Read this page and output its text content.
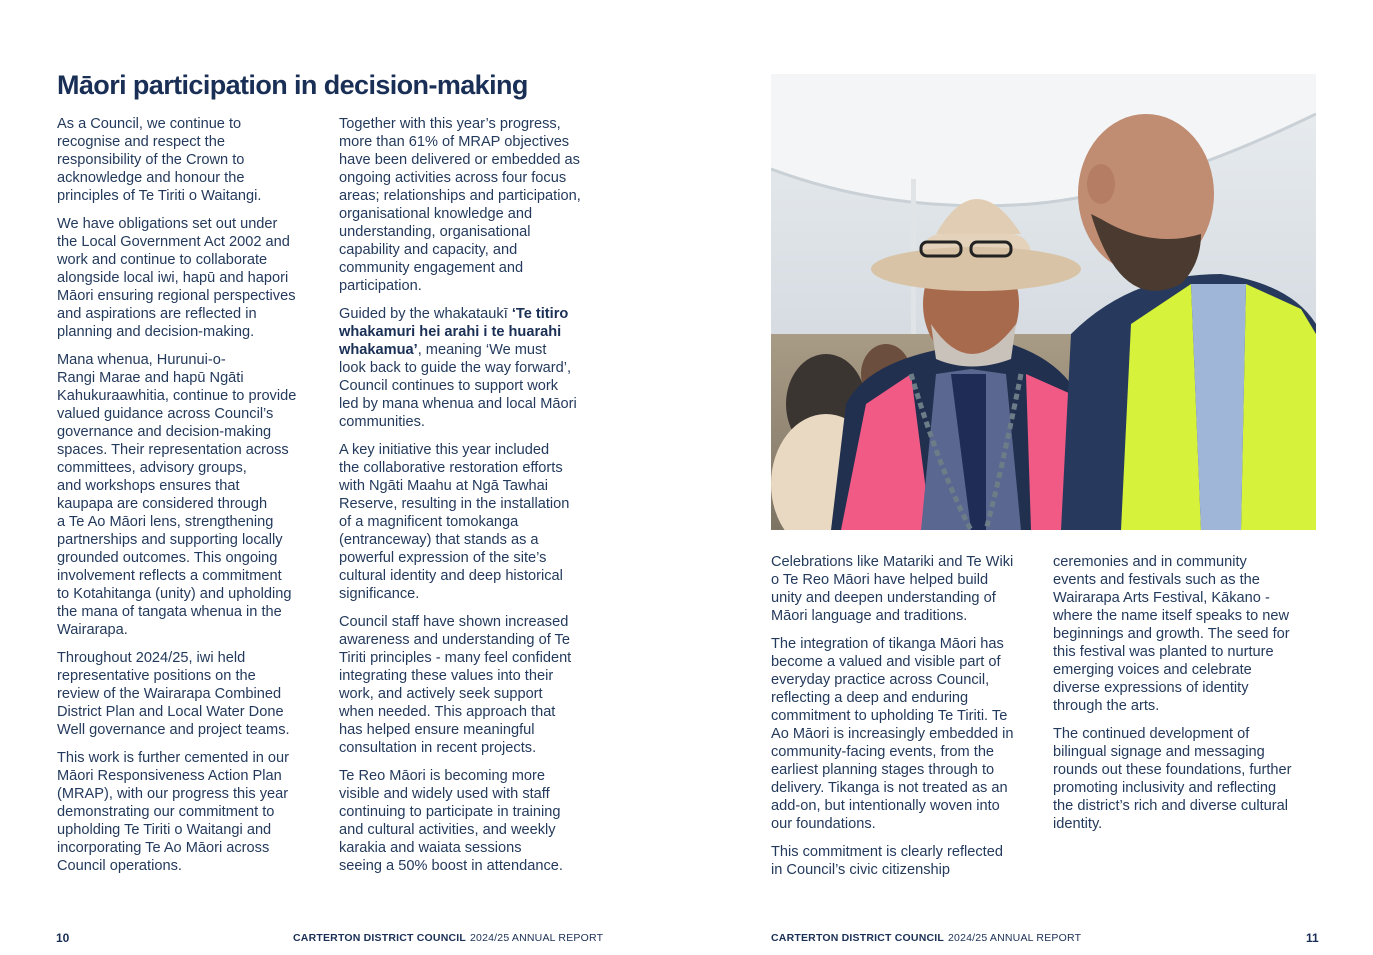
Māori participation in decision-making

As a Council, we continue to
recognise and respect the
responsibility of the Crown to
acknowledge and honour the
principles of Te Tiriti o Waitangi.

We have obligations set out under
the Local Government Act 2002 and
work and continue to collaborate
alongside local iwi, hapū and hapori
Māori ensuring regional perspectives
and aspirations are reflected in
planning and decision-making.

Mana whenua, Hurunui-o-
Rangi Marae and hapū Ngāti
Kahukuraawhitia, continue to provide
valued guidance across Council’s
governance and decision-making
spaces. Their representation across
committees, advisory groups,
and workshops ensures that
kaupapa are considered through
a Te Ao Māori lens, strengthening
partnerships and supporting locally
grounded outcomes. This ongoing
involvement reflects a commitment
to Kotahitanga (unity) and upholding
the mana of tangata whenua in the
Wairarapa.

Throughout 2024/25, iwi held
representative positions on the
review of the Wairarapa Combined
District Plan and Local Water Done
Well governance and project teams.

This work is further cemented in our
Māori Responsiveness Action Plan
(MRAP), with our progress this year
demonstrating our commitment to
upholding Te Tiriti o Waitangi and
incorporating Te Ao Māori across
Council operations.

Together with this year’s progress,
more than 61% of MRAP objectives
have been delivered or embedded as
ongoing activities across four focus
areas; relationships and participation,
organisational knowledge and
understanding, organisational
capability and capacity, and
community engagement and
participation.

Guided by the whakataukī ‘Te titiro
whakamuri hei arahi i te huarahi
whakamua’, meaning ‘We must
look back to guide the way forward’,
Council continues to support work
led by mana whenua and local Māori
communities.

A key initiative this year included
the collaborative restoration efforts
with Ngāti Maahu at Ngā Tawhai
Reserve, resulting in the installation
of a magnificent tomokanga
(entranceway) that stands as a
powerful expression of the site’s
cultural identity and deep historical
significance.

Council staff have shown increased
awareness and understanding of Te
Tiriti principles - many feel confident
integrating these values into their
work, and actively seek support
when needed. This approach that
has helped ensure meaningful
consultation in recent projects.

Te Reo Māori is becoming more
visible and widely used with staff
continuing to participate in training
and cultural activities, and weekly
karakia and waiata sessions
seeing a 50% boost in attendance.

Celebrations like Matariki and Te Wiki
o Te Reo Māori have helped build
unity and deepen understanding of
Māori language and traditions.

The integration of tikanga Māori has
become a valued and visible part of
everyday practice across Council,
reflecting a deep and enduring
commitment to upholding Te Tiriti. Te
Ao Māori is increasingly embedded in
community-facing events, from the
earliest planning stages through to
delivery. Tikanga is not treated as an
add-on, but intentionally woven into
our foundations.

This commitment is clearly reflected
in Council’s civic citizenship

ceremonies and in community
events and festivals such as the
Wairarapa Arts Festival, Kākano -
where the name itself speaks to new
beginnings and growth. The seed for
this festival was planted to nurture
emerging voices and celebrate
diverse expressions of identity
through the arts.

The continued development of
bilingual signage and messaging
rounds out these foundations, further
promoting inclusivity and reflecting
the district’s rich and diverse cultural
identity.

10	CARTERTON DISTRICT COUNCIL 2024/25 ANNUAL REPORT	CARTERTON DISTRICT COUNCIL 2024/25 ANNUAL REPORT	11
